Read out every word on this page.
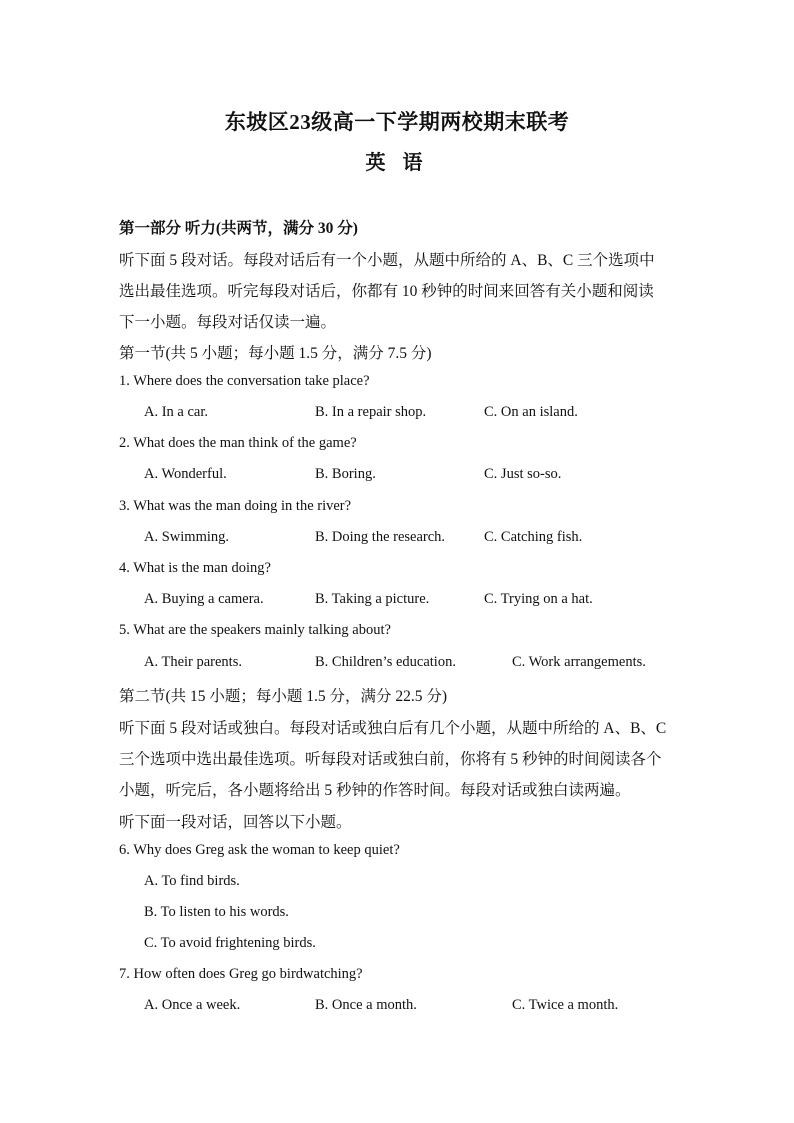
东坡区23级高一下学期两校期末联考
英 语
第一部分 听力(共两节，满分 30 分)
听下面 5 段对话。每段对话后有一个小题，从题中所给的 A、B、C 三个选项中
选出最佳选项。听完每段对话后，你都有 10 秒钟的时间来回答有关小题和阅读
下一小题。每段对话仅读一遍。
第一节(共 5 小题；每小题 1.5 分，满分 7.5 分)
1. Where does the conversation take place?
A. In a car.	B. In a repair shop.	C. On an island.
2. What does the man think of the game?
A. Wonderful.	B. Boring.	C. Just so-so.
3. What was the man doing in the river?
A. Swimming.	B. Doing the research.	C. Catching fish.
4. What is the man doing?
A. Buying a camera.	B. Taking a picture.	C. Trying on a hat.
5. What are the speakers mainly talking about?
A. Their parents.	B. Children’s education.	C. Work arrangements.
第二节(共 15 小题；每小题 1.5 分，满分 22.5 分)
听下面 5 段对话或独白。每段对话或独白后有几个小题，从题中所给的 A、B、C
三个选项中选出最佳选项。听每段对话或独白前，你将有 5 秒钟的时间阅读各个
小题，听完后，各小题将给出 5 秒钟的作答时间。每段对话或独白读两遍。
听下面一段对话，回答以下小题。
6. Why does Greg ask the woman to keep quiet?
A. To find birds.
B. To listen to his words.
C. To avoid frightening birds.
7. How often does Greg go birdwatching?
A. Once a week.	B. Once a month.	C. Twice a month.
